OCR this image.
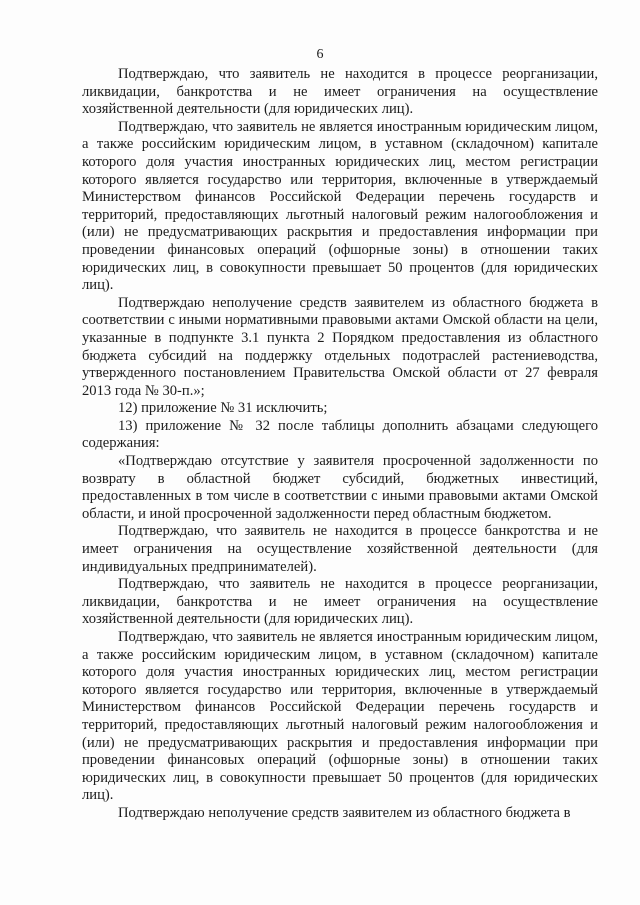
6

Подтверждаю, что заявитель не находится в процессе реорганизации, ликвидации, банкротства и не имеет ограничения на осуществление хозяйственной деятельности (для юридических лиц).

Подтверждаю, что заявитель не является иностранным юридическим лицом, а также российским юридическим лицом, в уставном (складочном) капитале которого доля участия иностранных юридических лиц, местом регистрации которого является государство или территория, включенные в утверждаемый Министерством финансов Российской Федерации перечень государств и территорий, предоставляющих льготный налоговый режим налогообложения и (или) не предусматривающих раскрытия и предоставления информации при проведении финансовых операций (офшорные зоны) в отношении таких юридических лиц, в совокупности превышает 50 процентов (для юридических лиц).

Подтверждаю неполучение средств заявителем из областного бюджета в соответствии с иными нормативными правовыми актами Омской области на цели, указанные в подпункте 3.1 пункта 2 Порядком предоставления из областного бюджета субсидий на поддержку отдельных подотраслей растениеводства, утвержденного постановлением Правительства Омской области от 27 февраля 2013 года № 30-п.»;

12) приложение № 31 исключить;

13) приложение № 32 после таблицы дополнить абзацами следующего содержания:

«Подтверждаю отсутствие у заявителя просроченной задолженности по возврату в областной бюджет субсидий, бюджетных инвестиций, предоставленных в том числе в соответствии с иными правовыми актами Омской области, и иной просроченной задолженности перед областным бюджетом.

Подтверждаю, что заявитель не находится в процессе банкротства и не имеет ограничения на осуществление хозяйственной деятельности (для индивидуальных предпринимателей).

Подтверждаю, что заявитель не находится в процессе реорганизации, ликвидации, банкротства и не имеет ограничения на осуществление хозяйственной деятельности (для юридических лиц).

Подтверждаю, что заявитель не является иностранным юридическим лицом, а также российским юридическим лицом, в уставном (складочном) капитале которого доля участия иностранных юридических лиц, местом регистрации которого является государство или территория, включенные в утверждаемый Министерством финансов Российской Федерации перечень государств и территорий, предоставляющих льготный налоговый режим налогообложения и (или) не предусматривающих раскрытия и предоставления информации при проведении финансовых операций (офшорные зоны) в отношении таких юридических лиц, в совокупности превышает 50 процентов (для юридических лиц).

Подтверждаю неполучение средств заявителем из областного бюджета в
